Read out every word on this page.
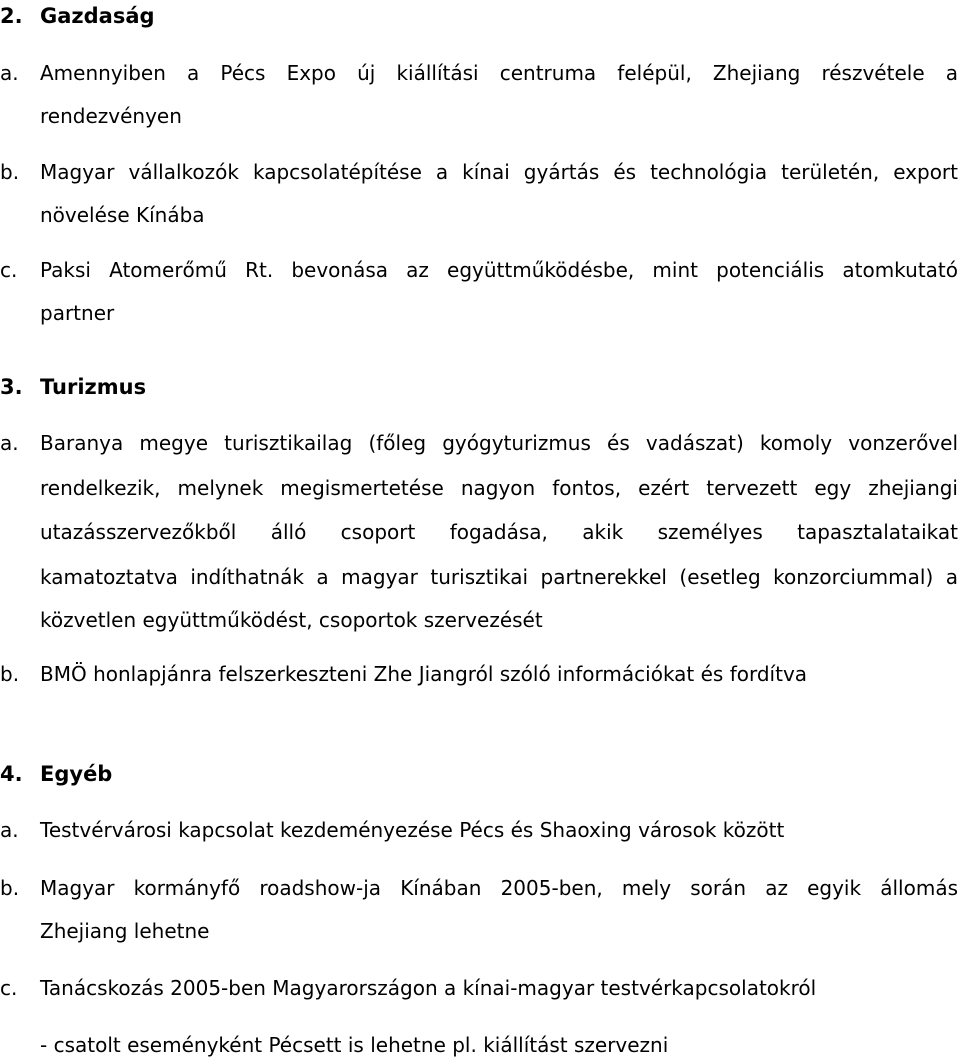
2. Gazdaság
a.	Amennyiben a Pécs Expo új kiállítási centruma felépül, Zhejiang részvétele a
rendezvényen
b.	Magyar vállalkozók kapcsolatépítése a kínai gyártás és technológia területén, export
növelése Kínába
c.	Paksi Atomerőmű Rt. bevonása az együttműködésbe, mint potenciális atomkutató
partner
3. Turizmus
a.	Baranya megye turisztikailag (főleg gyógyturizmus és vadászat) komoly vonzerővel
rendelkezik, melynek megismertetése nagyon fontos, ezért tervezett egy zhejiangi
utazásszervezőkből álló csoport fogadása, akik személyes tapasztalataikat
kamatoztatva indíthatnák a magyar turisztikai partnerekkel (esetleg konzorciummal) a
közvetlen együttműködést, csoportok szervezését
b.	BMÖ honlapjánra felszerkeszteni Zhe Jiangról szóló információkat és fordítva
4. Egyéb
a.	Testvérvárosi kapcsolat kezdeményezése Pécs és Shaoxing városok között
b.	Magyar kormányfő roadshow-ja Kínában 2005-ben, mely során az egyik állomás
Zhejiang lehetne
c.	Tanácskozás 2005-ben Magyarországon a kínai-magyar testvérkapcsolatokról
- csatolt eseményként Pécsett is lehetne pl. kiállítást szervezni
